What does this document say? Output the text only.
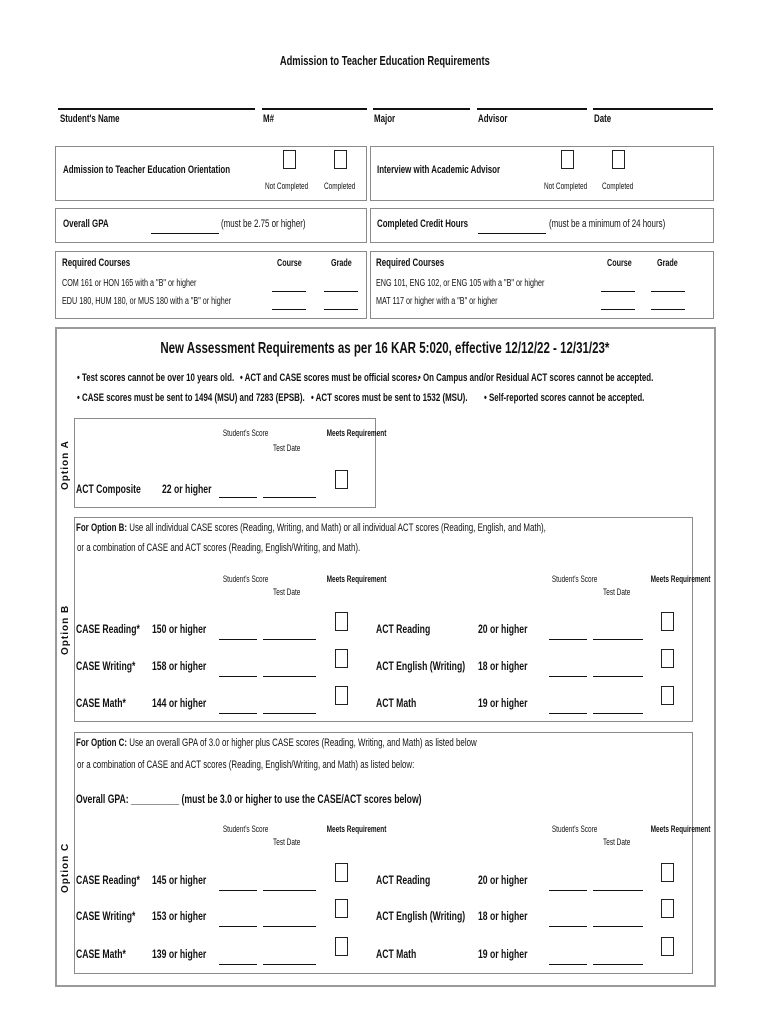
Admission to Teacher Education Requirements
Student's Name	M#	Major	Advisor	Date
Admission to Teacher Education Orientation
Not Completed	Completed
Interview with Academic Advisor
Not Completed	Completed
Overall GPA	(must be 2.75 or higher)	Completed Credit Hours	(must be a minimum of 24 hours)
Required Courses	Course	Grade
COM 161 or HON 165 with a "B" or higher
EDU 180, HUM 180, or MUS 180 with a "B" or higher
Required Courses	Course	Grade
ENG 101, ENG 102, or ENG 105 with a "B" or higher
MAT 117 or higher with a "B" or higher
New Assessment Requirements as per 16 KAR 5:020, effective 12/12/22 - 12/31/23*
• Test scores cannot be over 10 years old. • ACT and CASE scores must be official scores.
• On Campus and/or Residual ACT scores cannot be accepted.
• CASE scores must be sent to 1494 (MSU) and 7283 (EPSB). • ACT scores must be sent to 1532 (MSU).	• Self-reported scores cannot be accepted.
Option A
Student's Score
Test Date
Meets Requirement
ACT Composite	22 or higher
Option B
For Option B: Use all individual CASE scores (Reading, Writing, and Math) or all individual ACT scores (Reading, English, and Math),
or a combination of CASE and ACT scores (Reading, English/Writing, and Math).
Student's Score
Test Date
Meets Requirement	Student's Score
Test Date
Meets Requirement
CASE Reading*	150 or higher	ACT Reading	20 or higher
CASE Writing*	158 or higher	ACT English (Writing)	18 or higher
CASE Math*	144 or higher	ACT Math	19 or higher
Option C
For Option C: Use an overall GPA of 3.0 or higher plus CASE scores (Reading, Writing, and Math) as listed below
or a combination of CASE and ACT scores (Reading, English/Writing, and Math) as listed below:
Overall GPA: __________ (must be 3.0 or higher to use the CASE/ACT scores below)
Student's Score
Test Date
Meets Requirement	Student's Score
Test Date
Meets Requirement
CASE Reading*	145 or higher	ACT Reading	20 or higher
CASE Writing*	153 or higher	ACT English (Writing)	18 or higher
CASE Math*	139 or higher	ACT Math	19 or higher
